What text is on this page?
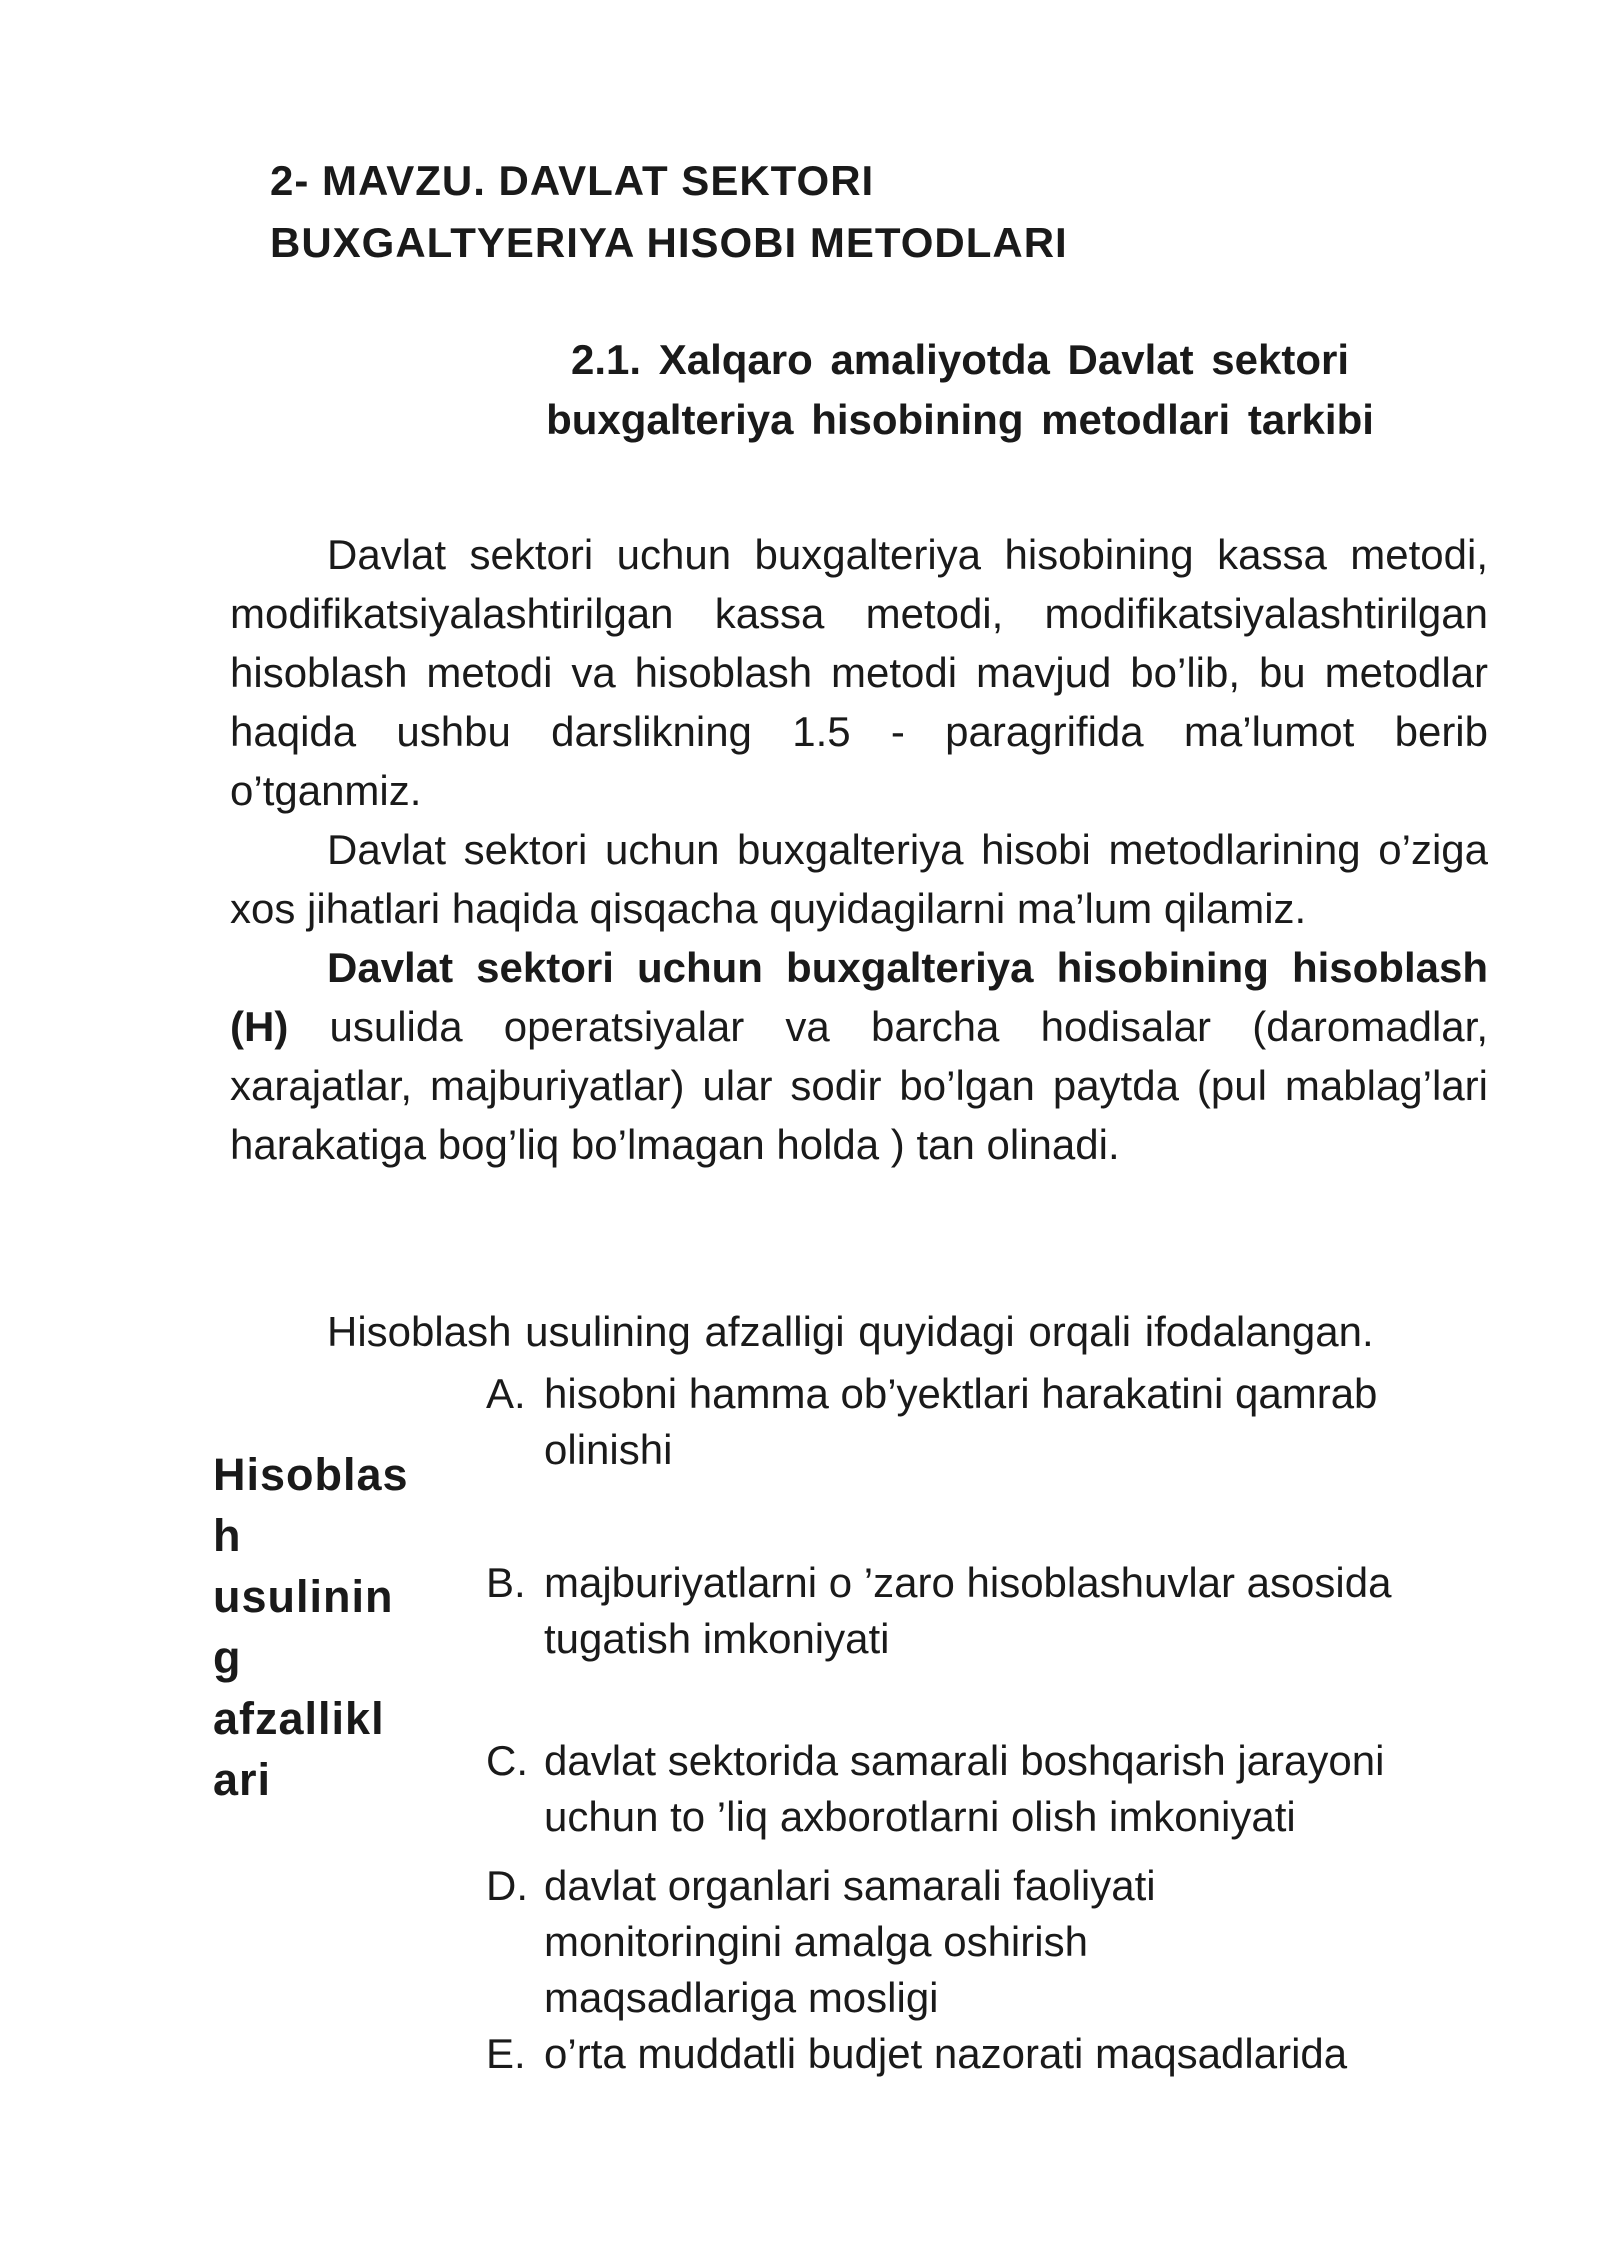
2- MAVZU. DAVLAT SEKTORI
BUXGALTYERIYA HISOBI METODLARI
2.1. Xalqaro amaliyotda Davlat sektori
buxgalteriya hisobining metodlari tarkibi

Davlat sektori uchun buxgalteriya hisobining kassa metodi, modifikatsiyalashtirilgan kassa metodi, modifikatsiyalashtirilgan hisoblash metodi va hisoblash metodi mavjud bo’lib, bu metodlar haqida ushbu darslikning 1.5 - paragrifida ma’lumot berib o’tganmiz.

Davlat sektori uchun buxgalteriya hisobi metodlarining o’ziga xos jihatlari haqida qisqacha quyidagilarni ma’lum qilamiz.

Davlat sektori uchun buxgalteriya hisobining hisoblash (H) usulida operatsiyalar va barcha hodisalar (daromadlar, xarajatlar, majburiyatlar) ular sodir bo’lgan paytda (pul mablag’lari harakatiga bog’liq bo’lmagan holda ) tan olinadi.

Hisoblash usulining afzalligi quyidagi orqali ifodalangan.

Hisoblas
h
usulinin
g
afzallikl
ari
A. hisobni hamma ob’yektlari harakatini qamrab
olinishi
B. majburiyatlarni o ’zaro hisoblashuvlar asosida
tugatish imkoniyati
C. davlat sektorida samarali boshqarish jarayoni
uchun to ’liq axborotlarni olish imkoniyati
D. davlat organlari samarali faoliyati
monitoringini amalga oshirish
maqsadlariga mosligi
E. o’rta muddatli budjet nazorati maqsadlarida
